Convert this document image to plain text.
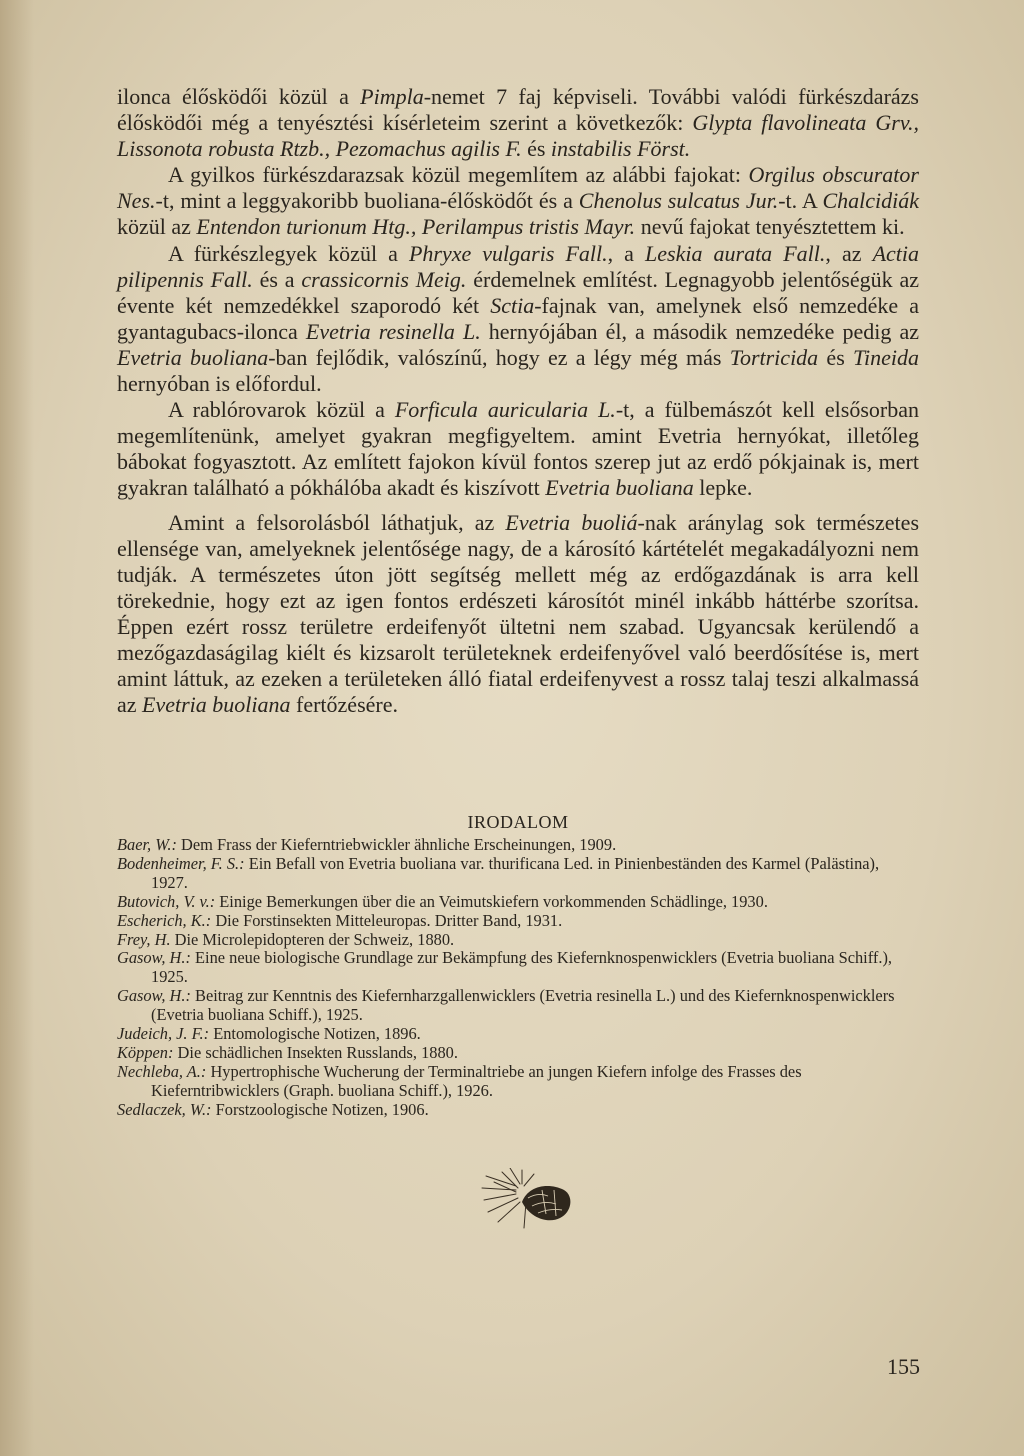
ilonca élősködői közül a Pimpla-nemet 7 faj képviseli. További valódi fürkészdarázs élősködői még a tenyésztési kísérleteim szerint a következők: Glypta flavolineata Grv., Lissonota robusta Rtzb., Pezomachus agilis F. és instabilis Först.

A gyilkos fürkészdarazsak közül megemlítem az alábbi fajokat: Orgilus obscurator Nes.-t, mint a leggyakoribb buoliana-élősködőt és a Chenolus sulcatus Jur.-t. A Chalcidiák közül az Entendon turionum Htg., Perilampus tristis Mayr. nevű fajokat tenyésztettem ki.

A fürkészlegyek közül a Phryxe vulgaris Fall., a Leskia aurata Fall., az Actia pilipennis Fall. és a crassicornis Meig. érdemelnek említést. Legnagyobb jelentőségük az évente két nemzedékkel szaporodó két Sctia-fajnak van, amelynek első nemzedéke a gyantagubacs-ilonca Evetria resinella L. hernyójában él, a második nemzedéke pedig az Evetria buoliana-ban fejlődik, valószínű, hogy ez a légy még más Tortricida és Tineida hernyóban is előfordul.

A rablórovarok közül a Forficula auricularia L.-t, a fülbemászót kell elsősorban megemlítenünk, amelyet gyakran megfigyeltem. amint Evetria hernyókat, illetőleg bábokat fogyasztott. Az említett fajokon kívül fontos szerep jut az erdő pókjainak is, mert gyakran található a pókhálóba akadt és kiszívott Evetria buoliana lepke.

Amint a felsorolásból láthatjuk, az Evetria buoliá-nak aránylag sok természetes ellensége van, amelyeknek jelentősége nagy, de a károsító kártételét megakadályozni nem tudják. A természetes úton jött segítség mellett még az erdőgazdának is arra kell törekednie, hogy ezt az igen fontos erdészeti károsítót minél inkább háttérbe szorítsa. Éppen ezért rossz területre erdeifenyőt ültetni nem szabad. Ugyancsak kerülendő a mezőgazdaságilag kiélt és kizsarolt területeknek erdeifenyővel való beerdősítése is, mert amint láttuk, az ezeken a területeken álló fiatal erdeifenyvest a rossz talaj teszi alkalmassá az Evetria buoliana fertőzésére.

IRODALOM
Baer, W.: Dem Frass der Kieferntriebwickler ähnliche Erscheinungen, 1909.
Bodenheimer, F. S.: Ein Befall von Evetria buoliana var. thurificana Led. in Pinienbeständen des Karmel (Palästina), 1927.
Butovich, V. v.: Einige Bemerkungen über die an Veimutskiefern vorkommenden Schädlinge, 1930.
Escherich, K.: Die Forstinsekten Mitteleuropas. Dritter Band, 1931.
Frey, H. Die Microlepidopteren der Schweiz, 1880.
Gasow, H.: Eine neue biologische Grundlage zur Bekämpfung des Kiefernknospenwicklers (Evetria buoliana Schiff.), 1925.
Gasow, H.: Beitrag zur Kenntnis des Kiefernharzgallenwicklers (Evetria resinella L.) und des Kiefernknospenwicklers (Evetria buoliana Schiff.), 1925.
Judeich, J. F.: Entomologische Notizen, 1896.
Köppen: Die schädlichen Insekten Russlands, 1880.
Nechleba, A.: Hypertrophische Wucherung der Terminaltriebe an jungen Kiefern infolge des Frasses des Kieferntribwicklers (Graph. buoliana Schiff.), 1926.
Sedlaczek, W.: Forstzoologische Notizen, 1906.
155
